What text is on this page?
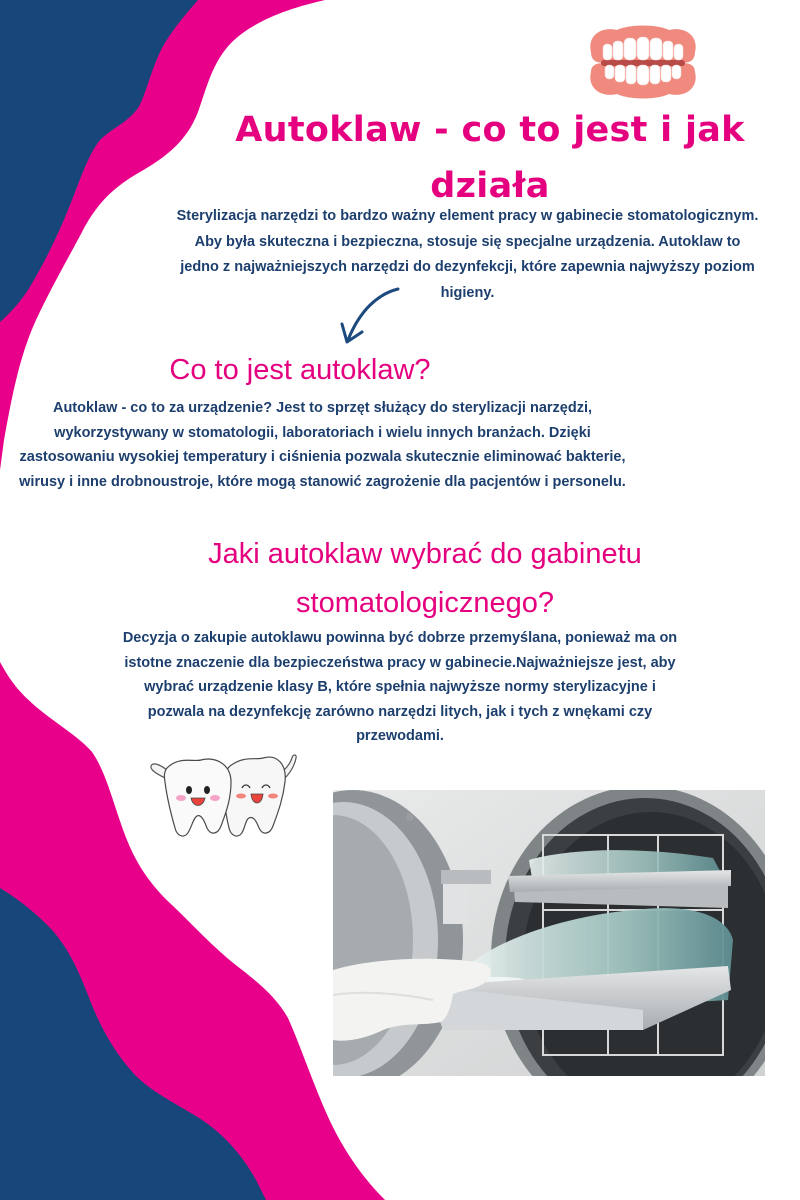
Autoklaw - co to jest i jak
działa

Sterylizacja narzędzi to bardzo ważny element pracy w gabinecie stomatologicznym.
Aby była skuteczna i bezpieczna, stosuje się specjalne urządzenia. Autoklaw to
jedno z najważniejszych narzędzi do dezynfekcji, które zapewnia najwyższy poziom
higieny.

Co to jest autoklaw?

Autoklaw - co to za urządzenie? Jest to sprzęt służący do sterylizacji narzędzi,
wykorzystywany w stomatologii, laboratoriach i wielu innych branżach. Dzięki
zastosowaniu wysokiej temperatury i ciśnienia pozwala skutecznie eliminować bakterie,
wirusy i inne drobnoustroje, które mogą stanowić zagrożenie dla pacjentów i personelu.

Jaki autoklaw wybrać do gabinetu
stomatologicznego?

Decyzja o zakupie autoklawu powinna być dobrze przemyślana, ponieważ ma on
istotne znaczenie dla bezpieczeństwa pracy w gabinecie.Najważniejsze jest, aby
wybrać urządzenie klasy B, które spełnia najwyższe normy sterylizacyjne i
pozwala na dezynfekcję zarówno narzędzi litych, jak i tych z wnękami czy
przewodami.
